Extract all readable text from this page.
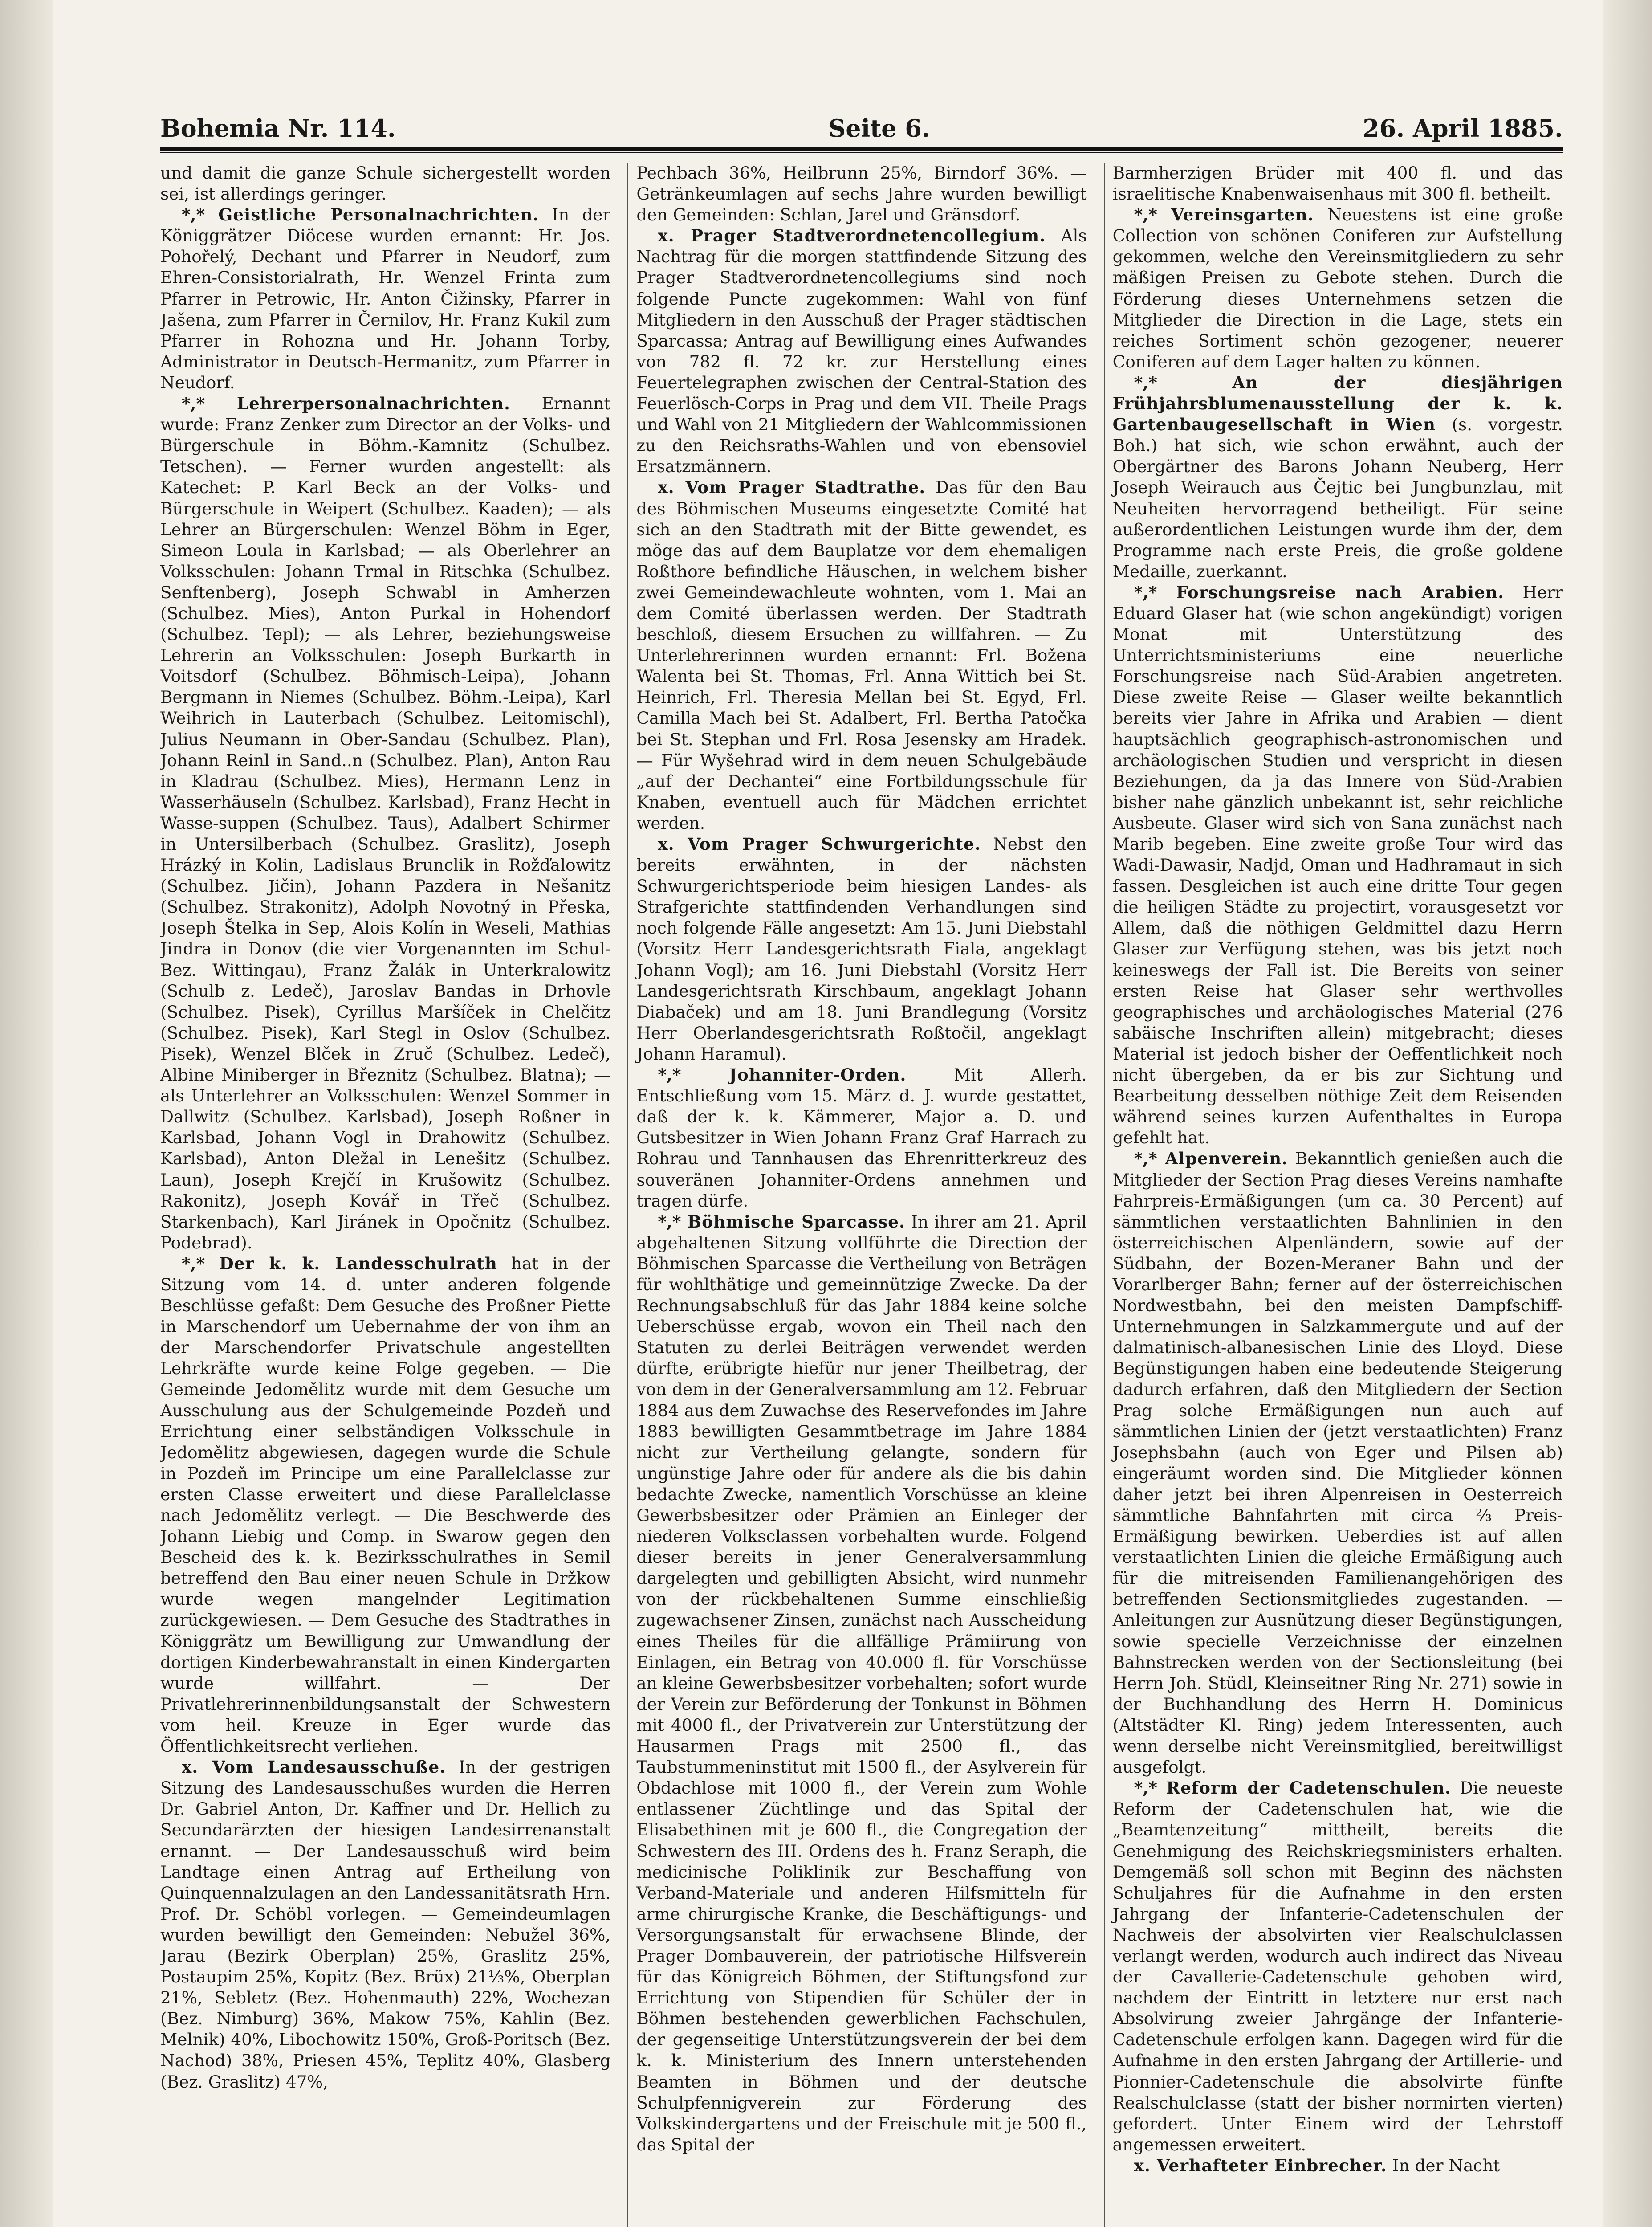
Bohemia Nr. 114.	Seite 6.	26. April 1885.

und damit die ganze Schule sichergestellt worden sei, ist allerdings geringer.

*,* Geistliche Personalnachrichten. In der Königgrätzer Diöcese wurden ernannt: Hr. Jos. Pohořelý, Dechant und Pfarrer in Neudorf, zum Ehren-Consistorialrath, Hr. Wenzel Frinta zum Pfarrer in Petrowic, Hr. Anton Čižinsky, Pfarrer in Jašena, zum Pfarrer in Černilov, Hr. Franz Kukil zum Pfarrer in Rohozna und Hr. Johann Torby, Administrator in Deutsch-Hermanitz, zum Pfarrer in Neudorf.

*,* Lehrerpersonalnachrichten. Ernannt wurde: Franz Zenker zum Director an der Volks- und Bürgerschule in Böhm.-Kamnitz (Schulbez. Tetschen). — Ferner wurden angestellt: als Katechet: P. Karl Beck an der Volks- und Bürgerschule in Weipert (Schulbez. Kaaden); — als Lehrer an Bürgerschulen: Wenzel Böhm in Eger, Simeon Loula in Karlsbad; — als Oberlehrer an Volksschulen: Johann Trmal in Ritschka (Schulbez. Senftenberg), Joseph Schwabl in Amherzen (Schulbez. Mies), Anton Purkal in Hohendorf (Schulbez. Tepl); — als Lehrer, beziehungsweise Lehrerin an Volksschulen: Joseph Burkarth in Voitsdorf (Schulbez. Böhmisch-Leipa), Johann Bergmann in Niemes (Schulbez. Böhm.-Leipa), Karl Weihrich in Lauterbach (Schulbez. Leitomischl), Julius Neumann in Ober-Sandau (Schulbez. Plan), Johann Reinl in Sand..n (Schulbez. Plan), Anton Rau in Kladrau (Schulbez. Mies), Hermann Lenz in Wasserhäuseln (Schulbez. Karlsbad), Franz Hecht in Wasse-suppen (Schulbez. Taus), Adalbert Schirmer in Untersilberbach (Schulbez. Graslitz), Joseph Hrázký in Kolin, Ladislaus Brunclik in Rožďalowitz (Schulbez. Jičin), Johann Pazdera in Nešanitz (Schulbez. Strakonitz), Adolph Novotný in Přeska, Joseph Štelka in Sep, Alois Kolín in Weseli, Mathias Jindra in Donov (die vier Vorgenannten im Schul-Bez. Wittingau), Franz Žalák in Unterkralowitz (Schulb z. Ledeč), Jaroslav Bandas in Drhovle (Schulbez. Pisek), Cyrillus Maršíček in Chelčitz (Schulbez. Pisek), Karl Stegl in Oslov (Schulbez. Pisek), Wenzel Blček in Zruč (Schulbez. Ledeč), Albine Miniberger in Březnitz (Schulbez. Blatna); — als Unterlehrer an Volksschulen: Wenzel Sommer in Dallwitz (Schulbez. Karlsbad), Joseph Roßner in Karlsbad, Johann Vogl in Drahowitz (Schulbez. Karlsbad), Anton Dležal in Lenešitz (Schulbez. Laun), Joseph Krejčí in Krušowitz (Schulbez. Rakonitz), Joseph Kovář in Třeč (Schulbez. Starkenbach), Karl Jiránek in Opočnitz (Schulbez. Podebrad).

*,* Der k. k. Landesschulrath hat in der Sitzung vom 14. d. unter anderen folgende Beschlüsse gefaßt: Dem Gesuche des Proßner Piette in Marschendorf um Uebernahme der von ihm an der Marschendorfer Privatschule angestellten Lehrkräfte wurde keine Folge gegeben. — Die Gemeinde Jedomělitz wurde mit dem Gesuche um Ausschulung aus der Schulgemeinde Pozdeň und Errichtung einer selbständigen Volksschule in Jedomělitz abgewiesen, dagegen wurde die Schule in Pozdeň im Principe um eine Parallelclasse zur ersten Classe erweitert und diese Parallelclasse nach Jedomělitz verlegt. — Die Beschwerde des Johann Liebig und Comp. in Swarow gegen den Bescheid des k. k. Bezirksschulrathes in Semil betreffend den Bau einer neuen Schule in Držkow wurde wegen mangelnder Legitimation zurückgewiesen. — Dem Gesuche des Stadtrathes in Königgrätz um Bewilligung zur Umwandlung der dortigen Kinderbewahranstalt in einen Kindergarten wurde willfahrt. — Der Privatlehrerinnenbildungsanstalt der Schwestern vom heil. Kreuze in Eger wurde das Öffentlichkeitsrecht verliehen.

x. Vom Landesausschuße. In der gestrigen Sitzung des Landesausschußes wurden die Herren Dr. Gabriel Anton, Dr. Kaffner und Dr. Hellich zu Secundarärzten der hiesigen Landesirrenanstalt ernannt. — Der Landesausschuß wird beim Landtage einen Antrag auf Ertheilung von Quinquennalzulagen an den Landessanitätsrath Hrn. Prof. Dr. Schöbl vorlegen. — Gemeindeumlagen wurden bewilligt den Gemeinden: Nebužel 36%, Jarau (Bezirk Oberplan) 25%, Graslitz 25%, Postaupim 25%, Kopitz (Bez. Brüx) 21⅓%, Oberplan 21%, Sebletz (Bez. Hohenmauth) 22%, Wochezan (Bez. Nimburg) 36%, Makow 75%, Kahlin (Bez. Melnik) 40%, Libochowitz 150%, Groß-Poritsch (Bez. Nachod) 38%, Priesen 45%, Teplitz 40%, Glasberg (Bez. Graslitz) 47%,

Pechbach 36%, Heilbrunn 25%, Birndorf 36%. — Getränkeumlagen auf sechs Jahre wurden bewilligt den Gemeinden: Schlan, Jarel und Gränsdorf.

x. Prager Stadtverordnetencollegium. Als Nachtrag für die morgen stattfindende Sitzung des Prager Stadtverordnetencollegiums sind noch folgende Puncte zugekommen: Wahl von fünf Mitgliedern in den Ausschuß der Prager städtischen Sparcassa; Antrag auf Bewilligung eines Aufwandes von 782 fl. 72 kr. zur Herstellung eines Feuertelegraphen zwischen der Central-Station des Feuerlösch-Corps in Prag und dem VII. Theile Prags und Wahl von 21 Mitgliedern der Wahlcommissionen zu den Reichsraths-Wahlen und von ebensoviel Ersatzmännern.

x. Vom Prager Stadtrathe. Das für den Bau des Böhmischen Museums eingesetzte Comité hat sich an den Stadtrath mit der Bitte gewendet, es möge das auf dem Bauplatze vor dem ehemaligen Roßthore befindliche Häuschen, in welchem bisher zwei Gemeindewachleute wohnten, vom 1. Mai an dem Comité überlassen werden. Der Stadtrath beschloß, diesem Ersuchen zu willfahren. — Zu Unterlehrerinnen wurden ernannt: Frl. Božena Walenta bei St. Thomas, Frl. Anna Wittich bei St. Heinrich, Frl. Theresia Mellan bei St. Egyd, Frl. Camilla Mach bei St. Adalbert, Frl. Bertha Patočka bei St. Stephan und Frl. Rosa Jesensky am Hradek. — Für Wyšehrad wird in dem neuen Schulgebäude „auf der Dechantei“ eine Fortbildungsschule für Knaben, eventuell auch für Mädchen errichtet werden.

x. Vom Prager Schwurgerichte. Nebst den bereits erwähnten, in der nächsten Schwurgerichtsperiode beim hiesigen Landes- als Strafgerichte stattfindenden Verhandlungen sind noch folgende Fälle angesetzt: Am 15. Juni Diebstahl (Vorsitz Herr Landesgerichtsrath Fiala, angeklagt Johann Vogl); am 16. Juni Diebstahl (Vorsitz Herr Landesgerichtsrath Kirschbaum, angeklagt Johann Diabaček) und am 18. Juni Brandlegung (Vorsitz Herr Oberlandesgerichtsrath Roßtočil, angeklagt Johann Haramul).

*,* Johanniter-Orden.	Mit Allerh. Entschließung vom 15. März d. J. wurde gestattet, daß der k. k. Kämmerer, Major a. D. und Gutsbesitzer in Wien Johann Franz Graf Harrach zu Rohrau und Tannhausen das Ehrenritterkreuz des souveränen Johanniter-Ordens annehmen und tragen dürfe.

*,* Böhmische Sparcasse. In ihrer am 21. April abgehaltenen Sitzung vollführte die Direction der Böhmischen Sparcasse die Vertheilung von Beträgen für wohlthätige und gemeinnützige Zwecke. Da der Rechnungsabschluß für das Jahr 1884 keine solche Ueberschüsse ergab, wovon ein Theil nach den Statuten zu derlei Beiträgen verwendet werden dürfte, erübrigte hiefür nur jener Theilbetrag, der von dem in der Generalversammlung am 12. Februar 1884 aus dem Zuwachse des Reservefondes im Jahre 1883 bewilligten Gesammtbetrage im Jahre 1884 nicht zur Vertheilung gelangte, sondern für ungünstige Jahre oder für andere als die bis dahin bedachte Zwecke, namentlich Vorschüsse an kleine Gewerbsbesitzer oder Prämien an Einleger der niederen Volksclassen vorbehalten wurde. Folgend dieser bereits in jener Generalversammlung dargelegten und gebilligten Absicht, wird nunmehr von der rückbehaltenen Summe einschließig zugewachsener Zinsen, zunächst nach Ausscheidung eines Theiles für die allfällige Prämiirung von Einlagen, ein Betrag von 40.000 fl. für Vorschüsse an kleine Gewerbsbesitzer vorbehalten; sofort wurde der Verein zur Beförderung der Tonkunst in Böhmen mit 4000 fl., der Privatverein zur Unterstützung der Hausarmen Prags mit 2500 fl., das Taubstummeninstitut mit 1500 fl., der Asylverein für Obdachlose mit 1000 fl., der Verein zum Wohle entlassener Züchtlinge und das Spital der Elisabethinen mit je 600 fl., die Congregation der Schwestern des III. Ordens des h. Franz Seraph, die medicinische Poliklinik zur Beschaffung von Verband-Materiale und anderen Hilfsmitteln für arme chirurgische Kranke, die Beschäftigungs- und Versorgungsanstalt für erwachsene Blinde, der Prager Dombauverein, der patriotische Hilfsverein für das Königreich Böhmen, der Stiftungsfond zur Errichtung von Stipendien für Schüler der in Böhmen bestehenden gewerblichen Fachschulen, der gegenseitige Unterstützungsverein der bei dem k. k. Ministerium des Innern unterstehenden Beamten in Böhmen und der deutsche Schulpfennigverein zur Förderung des Volkskindergartens und der Freischule mit je 500 fl., das Spital der

Barmherzigen Brüder mit 400 fl. und das israelitische Knabenwaisenhaus mit 300 fl. betheilt.

*,* Vereinsgarten. Neuestens ist eine große Collection von schönen Coniferen zur Aufstellung gekommen, welche den Vereinsmitgliedern zu sehr mäßigen Preisen zu Gebote stehen. Durch die Förderung dieses Unternehmens setzen die Mitglieder die Direction in die Lage, stets ein reiches Sortiment schön gezogener, neuerer Coniferen auf dem Lager halten zu können.

*,* An der diesjährigen Frühjahrsblumenausstellung der k. k. Gartenbaugesellschaft in Wien (s. vorgestr. Boh.) hat sich, wie schon erwähnt, auch der Obergärtner des Barons Johann Neuberg, Herr Joseph Weirauch aus Čejtic bei Jungbunzlau, mit Neuheiten hervorragend betheiligt. Für seine außerordentlichen Leistungen wurde ihm der, dem Programme nach erste Preis, die große goldene Medaille, zuerkannt.

*,* Forschungsreise nach Arabien. Herr Eduard Glaser hat (wie schon angekündigt) vorigen Monat mit Unterstützung des Unterrichtsministeriums eine neuerliche Forschungsreise nach Süd-Arabien angetreten. Diese zweite Reise — Glaser weilte bekanntlich bereits vier Jahre in Afrika und Arabien — dient hauptsächlich geographisch-astronomischen und archäologischen Studien und verspricht in diesen Beziehungen, da ja das Innere von Süd-Arabien bisher nahe gänzlich unbekannt ist, sehr reichliche Ausbeute. Glaser wird sich von Sana zunächst nach Marib begeben. Eine zweite große Tour wird das Wadi-Dawasir, Nadjd, Oman und Hadhramaut in sich fassen. Desgleichen ist auch eine dritte Tour gegen die heiligen Städte zu projectirt, vorausgesetzt vor Allem, daß die nöthigen Geldmittel dazu Herrn Glaser zur Verfügung stehen, was bis jetzt noch keineswegs der Fall ist. Die Bereits von seiner ersten Reise hat Glaser sehr werthvolles geographisches und archäologisches Material (276 sabäische Inschriften allein) mitgebracht; dieses Material ist jedoch bisher der Oeffentlichkeit noch nicht übergeben, da er bis zur Sichtung und Bearbeitung desselben nöthige Zeit dem Reisenden während seines kurzen Aufenthaltes in Europa gefehlt hat.

*,* Alpenverein. Bekanntlich genießen auch die Mitglieder der Section Prag dieses Vereins namhafte Fahrpreis-Ermäßigungen (um ca. 30 Percent) auf sämmtlichen verstaatlichten Bahnlinien in den österreichischen Alpenländern, sowie auf der Südbahn, der Bozen-Meraner Bahn und der Vorarlberger Bahn; ferner auf der österreichischen Nordwestbahn, bei den meisten Dampfschiff-Unternehmungen in Salzkammergute und auf der dalmatinisch-albanesischen Linie des Lloyd. Diese Begünstigungen haben eine bedeutende Steigerung dadurch erfahren, daß den Mitgliedern der Section Prag solche Ermäßigungen nun auch auf sämmtlichen Linien der (jetzt verstaatlichten) Franz Josephsbahn (auch von Eger und Pilsen ab) eingeräumt worden sind. Die Mitglieder können daher jetzt bei ihren Alpenreisen in Oesterreich sämmtliche Bahnfahrten mit circa ⅔ Preis-Ermäßigung bewirken. Ueberdies ist auf allen verstaatlichten Linien die gleiche Ermäßigung auch für die mitreisenden Familienangehörigen des betreffenden Sectionsmitgliedes zugestanden. — Anleitungen zur Ausnützung dieser Begünstigungen, sowie specielle Verzeichnisse der einzelnen Bahnstrecken werden von der Sectionsleitung (bei Herrn Joh. Stüdl, Kleinseitner Ring Nr. 271) sowie in der Buchhandlung des Herrn H. Dominicus (Altstädter Kl. Ring) jedem Interessenten, auch wenn derselbe nicht Vereinsmitglied, bereitwilligst ausgefolgt.

*,* Reform der Cadetenschulen. Die neueste Reform der Cadetenschulen hat, wie die „Beamtenzeitung“ mittheilt, bereits die Genehmigung des Reichskriegsministers erhalten. Demgemäß soll schon mit Beginn des nächsten Schuljahres für die Aufnahme in den ersten Jahrgang der Infanterie-Cadetenschulen der Nachweis der absolvirten vier Realschulclassen verlangt werden, wodurch auch indirect das Niveau der Cavallerie-Cadetenschule gehoben wird, nachdem der Eintritt in letztere nur erst nach Absolvirung zweier Jahrgänge der Infanterie-Cadetenschule erfolgen kann. Dagegen wird für die Aufnahme in den ersten Jahrgang der Artillerie- und Pionnier-Cadetenschule die absolvirte fünfte Realschulclasse (statt der bisher normirten vierten) gefordert. Unter Einem wird der Lehrstoff angemessen erweitert.

x. Verhafteter Einbrecher. In der Nacht
